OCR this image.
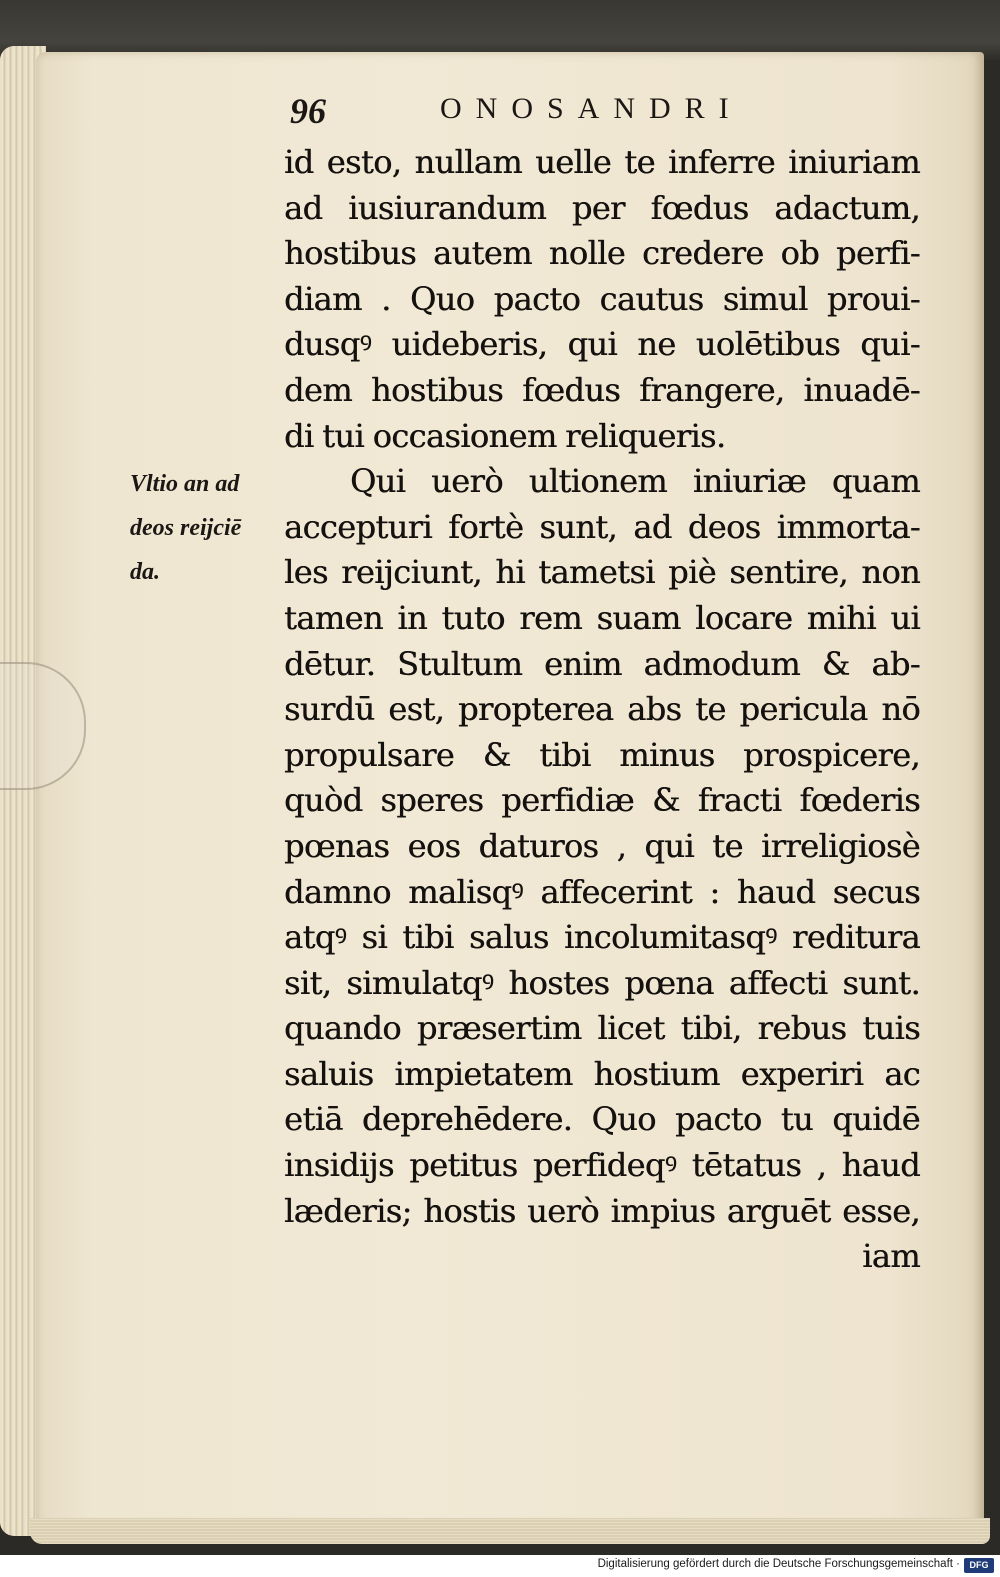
96	ONOSANDRI
Vltio an ad
deos reijciē
da.
id esto, nullam uelle te inferre iniuriam
ad iusiurandum per fœdus adactum,
hostibus autem nolle credere ob perfi-
diam . Quo pacto cautus simul proui-
dusqꝰ uideberis, qui ne uolētibus qui-
dem hostibus fœdus frangere, inuadē-
di tui occasionem reliqueris.
Qui uerò ultionem iniuriæ quam
accepturi fortè sunt, ad deos immorta-
les reijciunt, hi tametsi piè sentire, non
tamen in tuto rem suam locare mihi ui
dētur. Stultum enim admodum & ab-
surdū est, propterea abs te pericula nō
propulsare & tibi minus prospicere,
quòd speres perfidiæ & fracti fœderis
pœnas eos daturos , qui te irreligiosè
damno malisqꝰ affecerint : haud secus
atqꝰ si tibi salus incolumitasqꝰ reditura
sit, simulatqꝰ hostes pœna affecti sunt.
quando præsertim licet tibi, rebus tuis
saluis impietatem hostium experiri ac
etiā deprehēdere. Quo pacto tu quidē
insidijs petitus perfideqꝰ tētatus , haud
læderis; hostis uerò impius arguēt esse,
iam
Digitalisierung gefördert durch die Deutsche Forschungsgemeinschaft ·	DFG
